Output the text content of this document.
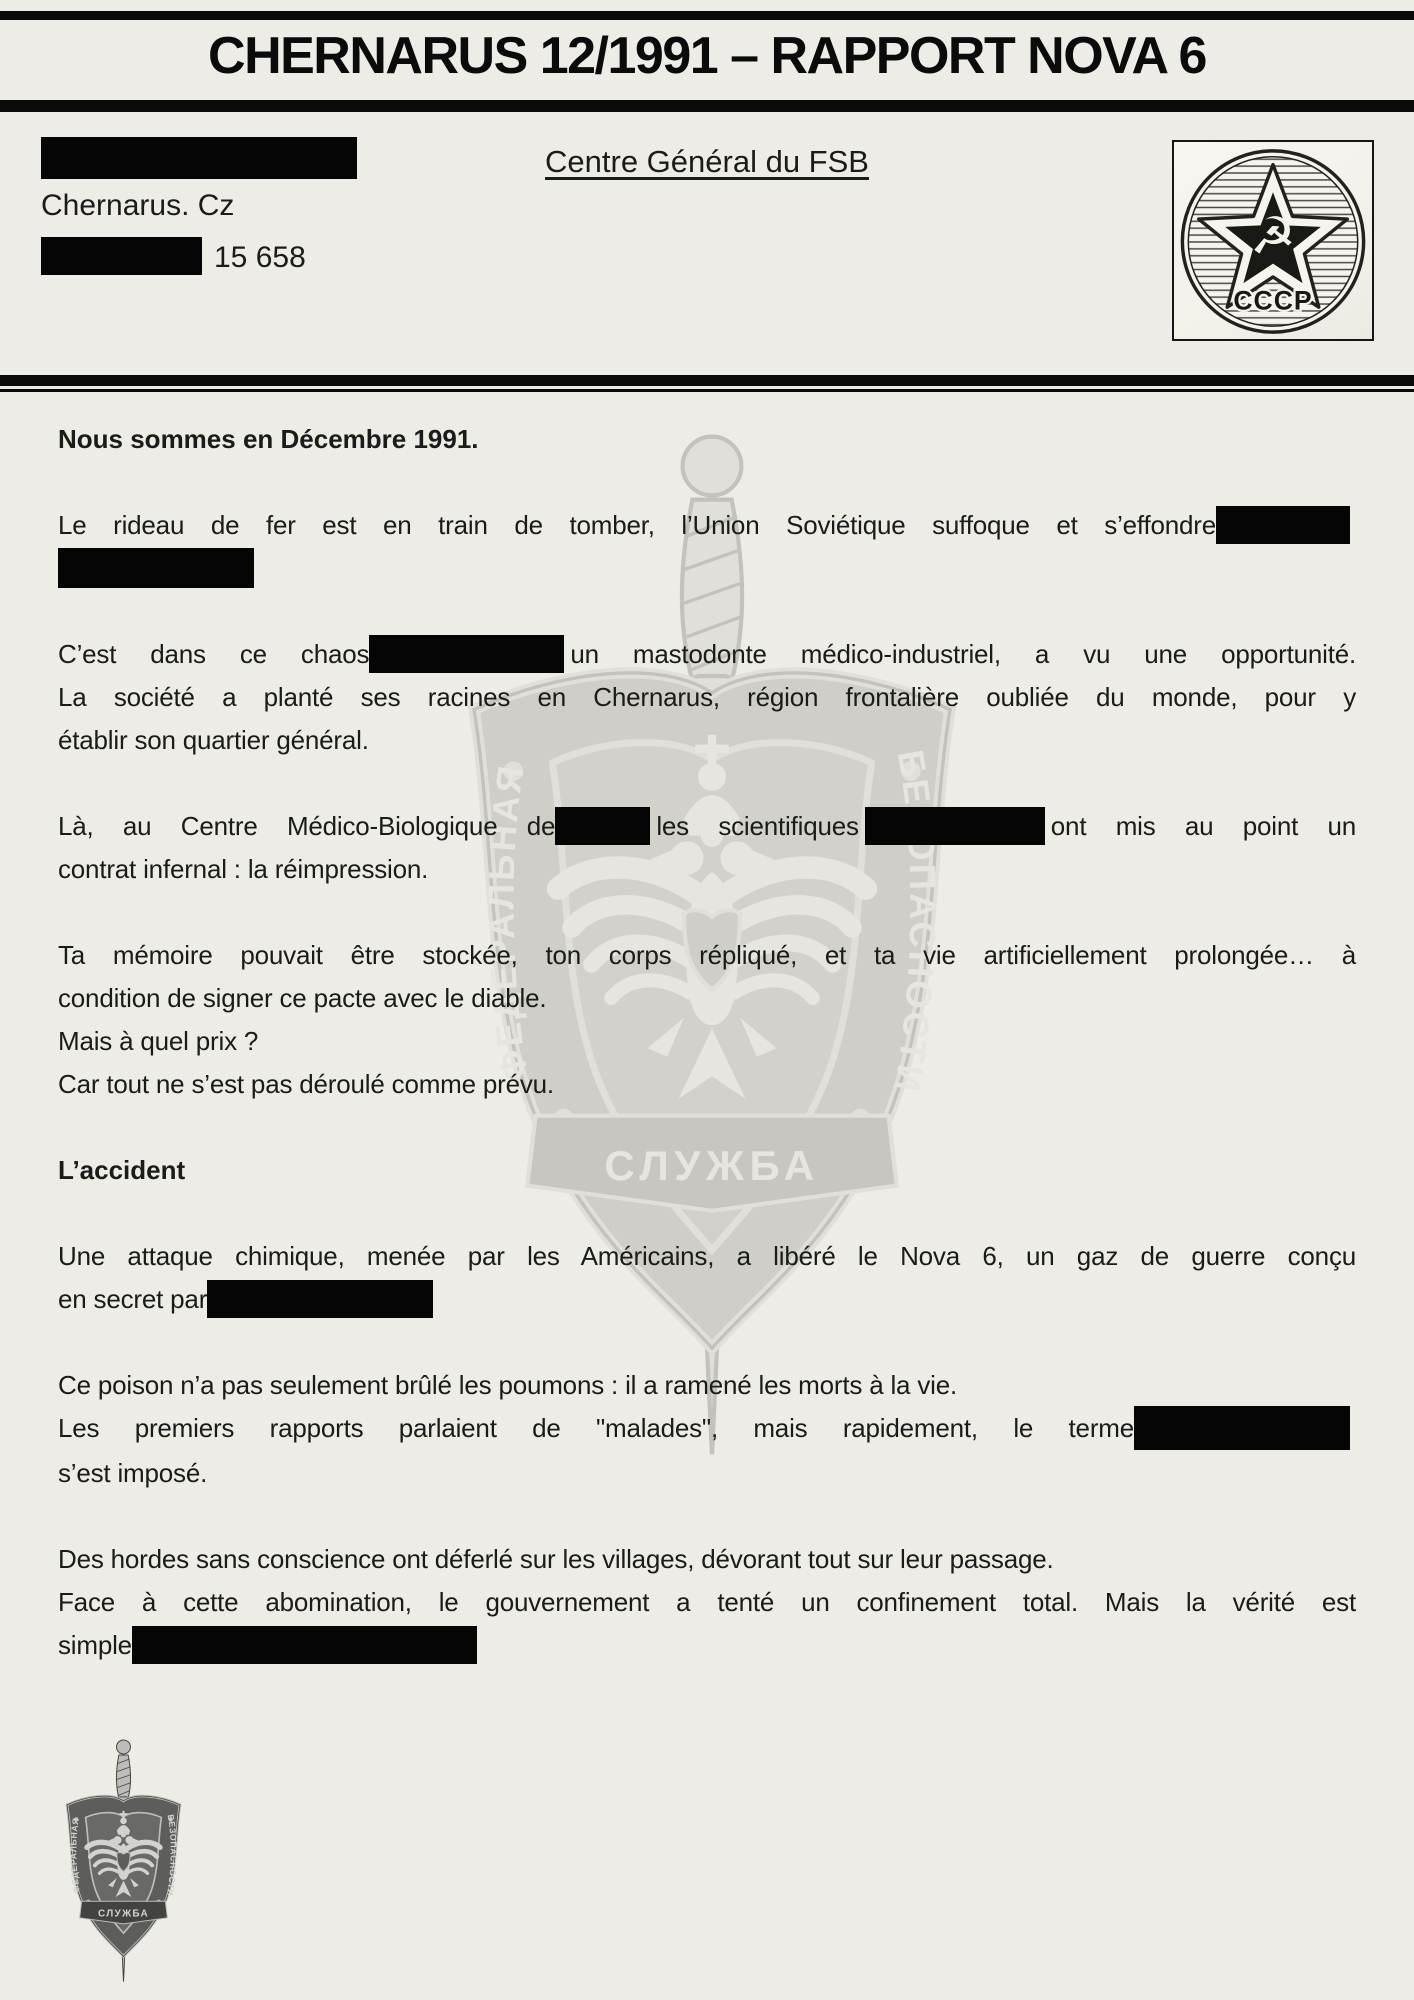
CHERNARUS 12/1991 – RAPPORT NOVA 6
Chernarus. Cz
15 658
Centre Général du FSB
☭
CCCP
Nous sommes en Décembre 1991.
Le rideau de fer est en train de tomber, l’Union Soviétique suffoque et s’effondre
C’est dans ce chaos	un mastodonte médico-industriel, a vu une opportunité.
La société a planté ses racines en Chernarus, région frontalière oubliée du monde, pour y
établir son quartier général.
Là, au Centre Médico-Biologique de	les scientifiques	ont mis au point un
contrat infernal : la réimpression.
Ta mémoire pouvait être stockée, ton corps répliqué, et ta vie artificiellement prolongée… à
condition de signer ce pacte avec le diable.
Mais à quel prix ?
Car tout ne s’est pas déroulé comme prévu.
L’accident
Une attaque chimique, menée par les Américains, a libéré le Nova 6, un gaz de guerre conçu
en secret par
Ce poison n’a pas seulement brûlé les poumons : il a ramené les morts à la vie.
Les premiers rapports parlaient de "malades", mais rapidement, le terme
s’est imposé.
Des hordes sans conscience ont déferlé sur les villages, dévorant tout sur leur passage.
Face à cette abomination, le gouvernement a tenté un confinement total. Mais la vérité est
simple
